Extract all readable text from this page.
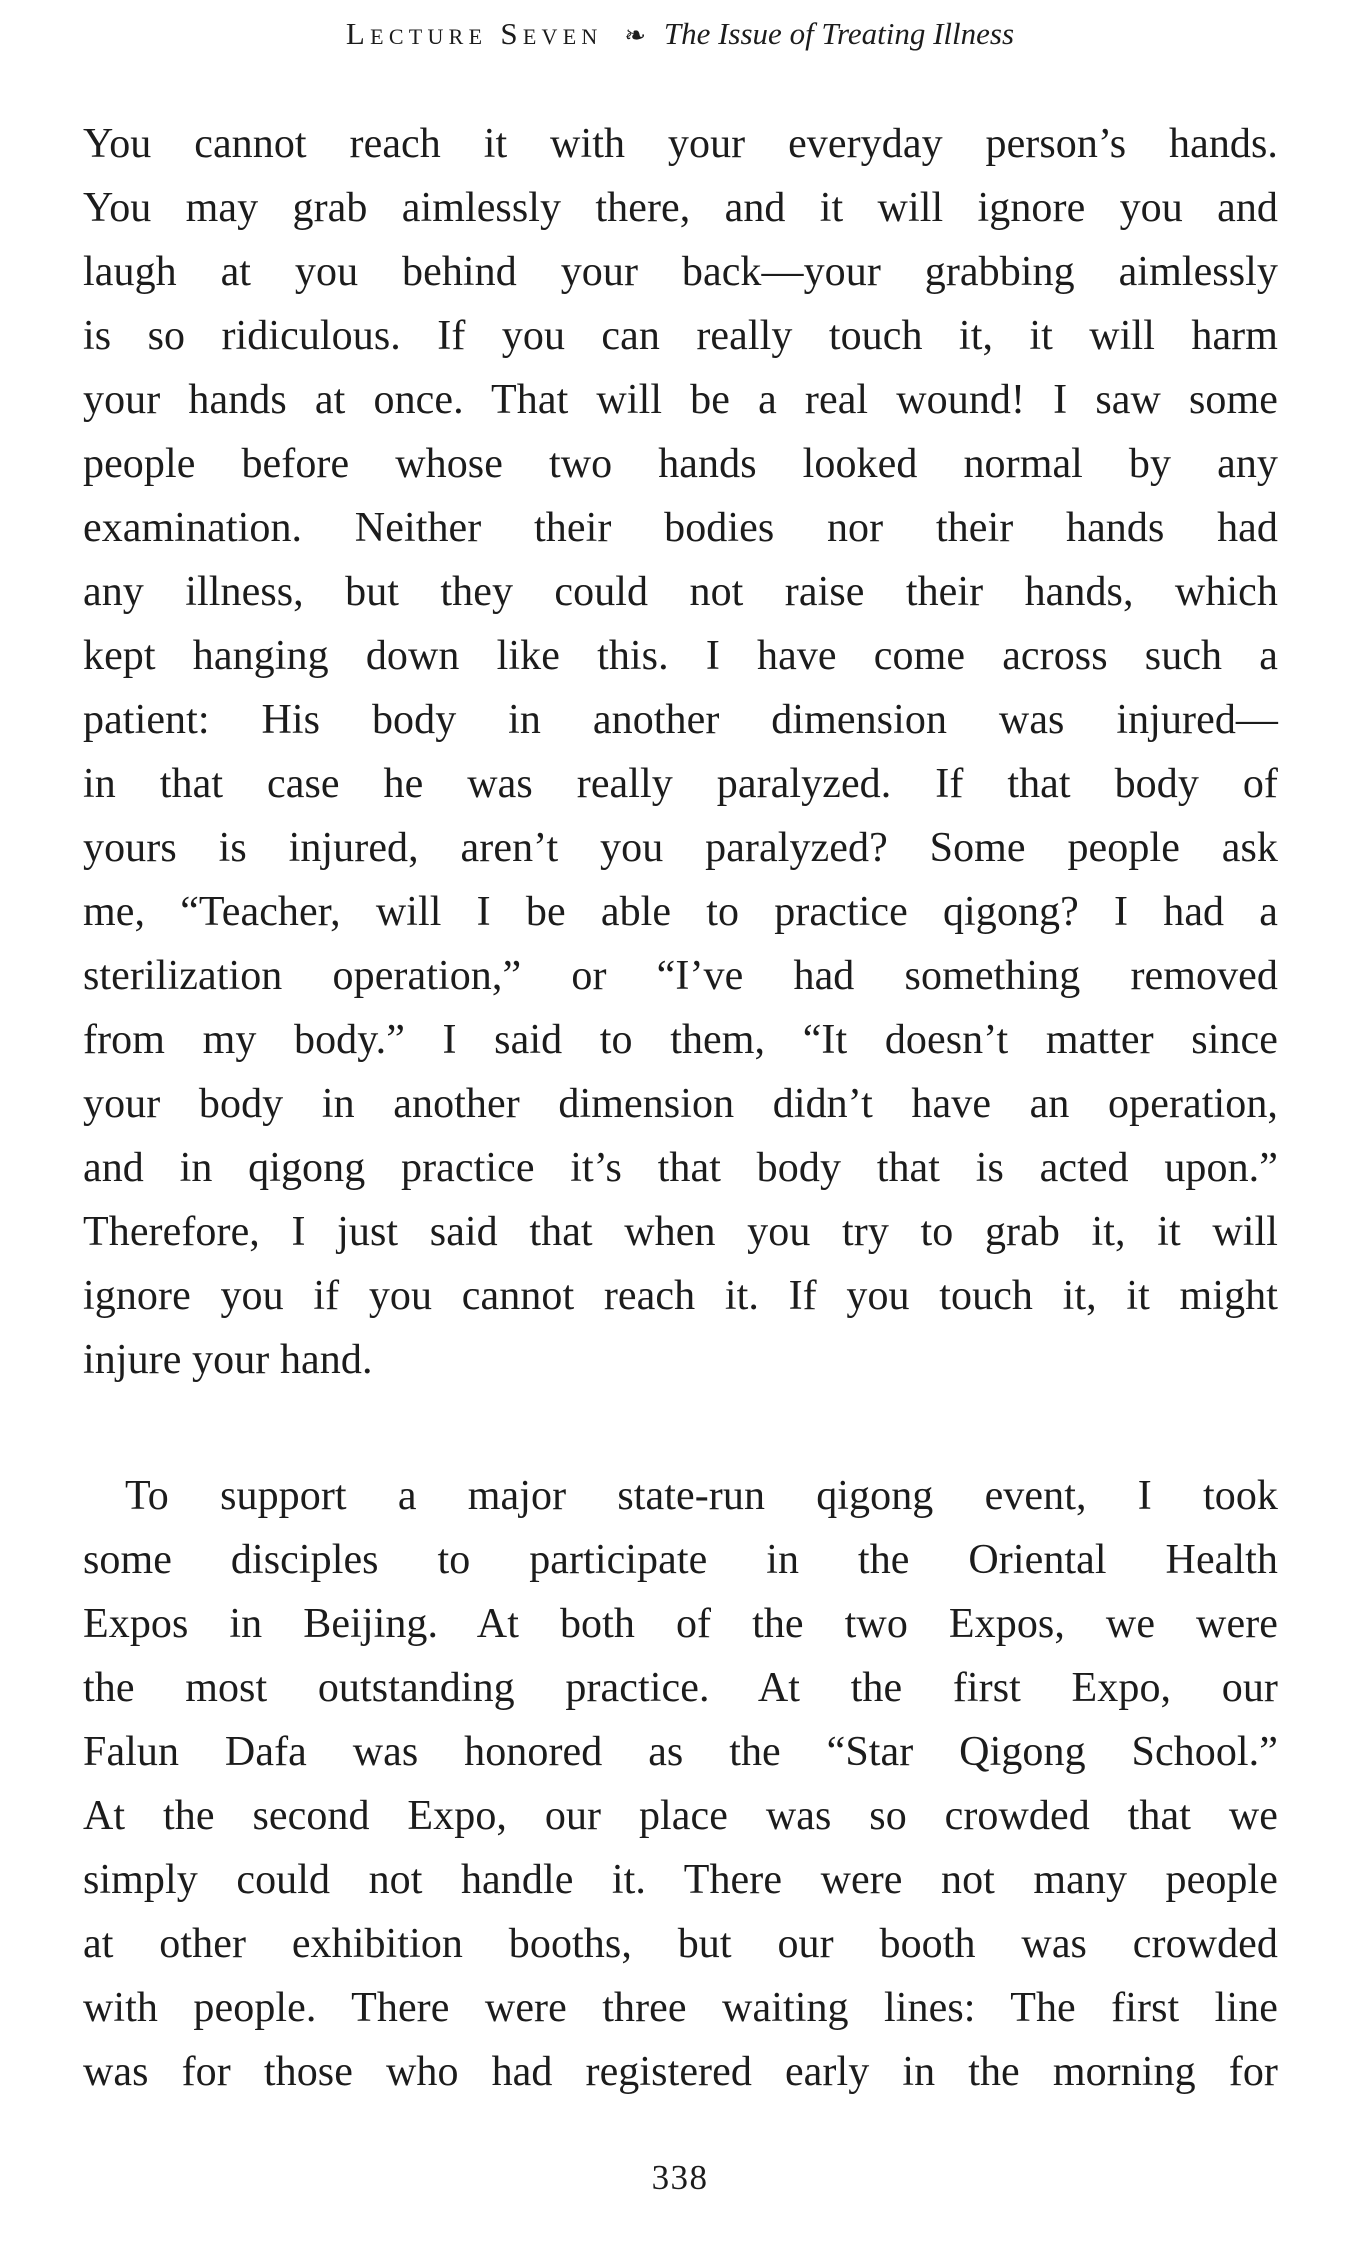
Lecture Seven ❧ The Issue of Treating Illness
You cannot reach it with your everyday person’s hands.
You may grab aimlessly there, and it will ignore you and
laugh at you behind your back—your grabbing aimlessly
is so ridiculous. If you can really touch it, it will harm
your hands at once. That will be a real wound! I saw some
people before whose two hands looked normal by any
examination. Neither their bodies nor their hands had
any illness, but they could not raise their hands, which
kept hanging down like this. I have come across such a
patient: His body in another dimension was injured—
in that case he was really paralyzed. If that body of
yours is injured, aren’t you paralyzed? Some people ask
me, “Teacher, will I be able to practice qigong? I had a
sterilization operation,” or “I’ve had something removed
from my body.” I said to them, “It doesn’t matter since
your body in another dimension didn’t have an operation,
and in qigong practice it’s that body that is acted upon.”
Therefore, I just said that when you try to grab it, it will
ignore you if you cannot reach it. If you touch it, it might
injure your hand.
To support a major state-run qigong event, I took
some disciples to participate in the Oriental Health
Expos in Beijing. At both of the two Expos, we were
the most outstanding practice. At the first Expo, our
Falun Dafa was honored as the “Star Qigong School.”
At the second Expo, our place was so crowded that we
simply could not handle it. There were not many people
at other exhibition booths, but our booth was crowded
with people. There were three waiting lines: The first line
was for those who had registered early in the morning for
338
